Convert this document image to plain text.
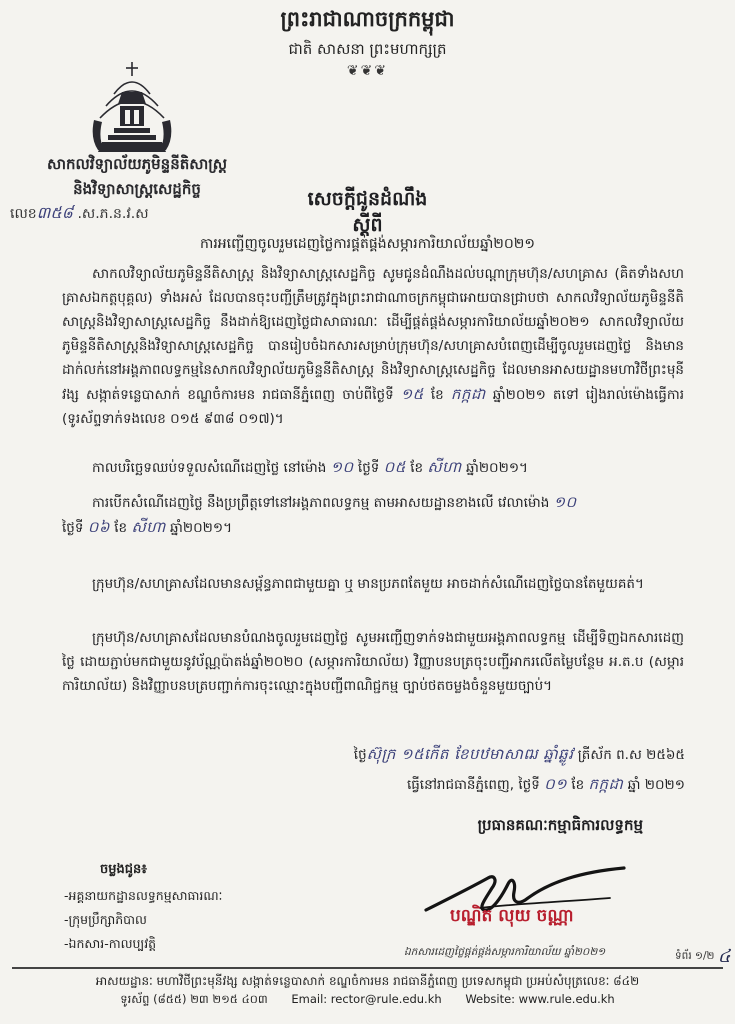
ព្រះរាជាណាចក្រកម្ពុជា
ជាតិ សាសនា ព្រះមហាក្សត្រ
❦❦❦
សាកលវិទ្យាល័យភូមិន្ទនីតិសាស្ត្រ
និងវិទ្យាសាស្ត្រសេដ្ឋកិច្ច
លេខ៣៥៨ .ស.ភ.ន.វ.ស
សេចក្តីជូនដំណឹង
ស្តីពី
ការអញ្ជើញចូលរួមដេញថ្លៃការផ្គត់ផ្គង់សម្ភារការិយាល័យឆ្នាំ២០២១
សាកលវិទ្យាល័យភូមិន្ទនីតិសាស្ត្រ និងវិទ្យាសាស្ត្រសេដ្ឋកិច្ច សូមជូនដំណឹងដល់បណ្តាក្រុមហ៊ុន/សហគ្រាស (គិតទាំងសហគ្រាសឯកត្តបុគ្គល) ទាំងអស់ ដែលបានចុះបញ្ជីត្រឹមត្រូវក្នុងព្រះរាជាណាចក្រកម្ពុជាអោយបានជ្រាបថា សាកលវិទ្យាល័យភូមិន្ទនីតិសាស្ត្រនិងវិទ្យាសាស្ត្រសេដ្ឋកិច្ច នឹងដាក់ឱ្យដេញថ្លៃជាសាធារណៈ ដើម្បីផ្គត់ផ្គង់សម្ភារការិយាល័យឆ្នាំ២០២១ សាកលវិទ្យាល័យភូមិន្ទនីតិសាស្ត្រនិងវិទ្យាសាស្ត្រសេដ្ឋកិច្ច បានរៀបចំឯកសារសម្រាប់ក្រុមហ៊ុន/សហគ្រាសបំពេញដើម្បីចូលរួមដេញថ្លៃ និងមានដាក់លក់នៅអង្គភាពលទ្ធកម្មនៃសាកលវិទ្យាល័យភូមិន្ទនីតិសាស្ត្រ និងវិទ្យាសាស្ត្រសេដ្ឋកិច្ច ដែលមានអាសយដ្ឋានមហាវិថីព្រះមុនីវង្ស សង្កាត់ទន្លេបាសាក់ ខណ្ឌចំការមន រាជធានីភ្នំពេញ ចាប់ពីថ្ងៃទី ១៥ ខែ កក្កដា ឆ្នាំ២០២១ តទៅ រៀងរាល់ម៉ោងធ្វើការ (ទូរស័ព្ទទាក់ទងលេខ ០១៥ ៩៣៨ ០១៧)។
កាលបរិច្ឆេទឈប់ទទួលសំណើដេញថ្លៃ នៅម៉ោង ១០ ថ្ងៃទី ០៥ ខែ សីហា ឆ្នាំ២០២១។
ការបើកសំណើដេញថ្លៃ នឹងប្រព្រឹត្តទៅនៅអង្គភាពលទ្ធកម្ម តាមអាសយដ្ឋានខាងលើ វេលាម៉ោង ១០
ថ្ងៃទី ០៦ ខែ សីហា ឆ្នាំ២០២១។
ក្រុមហ៊ុន/សហគ្រាសដែលមានសម្ព័ន្ធភាពជាមួយគ្នា ឬ មានប្រភពតែមួយ អាចដាក់សំណើដេញថ្លៃបានតែមួយគត់។
ក្រុមហ៊ុន/សហគ្រាសដែលមានបំណងចូលរួមដេញថ្លៃ សូមអញ្ជើញទាក់ទងជាមួយអង្គភាពលទ្ធកម្ម ដើម្បីទិញឯកសារដេញថ្លៃ ដោយភ្ជាប់មកជាមួយនូវប័ណ្ណប៉ាតង់ឆ្នាំ២០២០ (សម្ភារការិយាល័យ) វិញ្ញាបនបត្រចុះបញ្ជីអាករលើតម្លៃបន្ថែម អ.ត.ប (សម្ភារការិយាល័យ) និងវិញ្ញាបនបត្របញ្ជាក់ការចុះឈ្មោះក្នុងបញ្ជីពាណិជ្ជកម្ម ច្បាប់ថតចម្លងចំនួនមួយច្បាប់។
ថ្ងៃស៊ុក្រ ១៥កើត ខែបឋមាសាឍ ឆ្នាំឆ្លូវ ត្រីស័ក ព.ស ២៥៦៥
ធ្វើនៅរាជធានីភ្នំពេញ, ថ្ងៃទី ០១ ខែ កក្កដា ឆ្នាំ ២០២១
ប្រធានគណៈកម្មាធិការលទ្ធកម្ម
ចម្លងជូន៖
-អគ្គនាយកដ្ឋានលទ្ធកម្មសាធារណៈ
-ក្រុមប្រឹក្សាភិបាល
-ឯកសារ-កាលប្បវត្តិ
បណ្ឌិត លុយ ចណ្ណា
ឯកសារដេញថ្លៃផ្គត់ផ្គង់សម្ភារការិយាល័យ ឆ្នាំ២០២១	ទំព័រ ១/២ ៤
អាសយដ្ឋានៈ មហាវិថីព្រះមុនីវង្ស សង្កាត់ទន្លេបាសាក់ ខណ្ឌចំការមន រាជធានីភ្នំពេញ ប្រទេសកម្ពុជា ប្រអប់សំបុត្រលេខៈ ៨៤២
ទូរស័ព្ទ (៨៥៥) ២៣ ២១៥ ៤០៣ Email: rector@rule.edu.kh Website: www.rule.edu.kh
